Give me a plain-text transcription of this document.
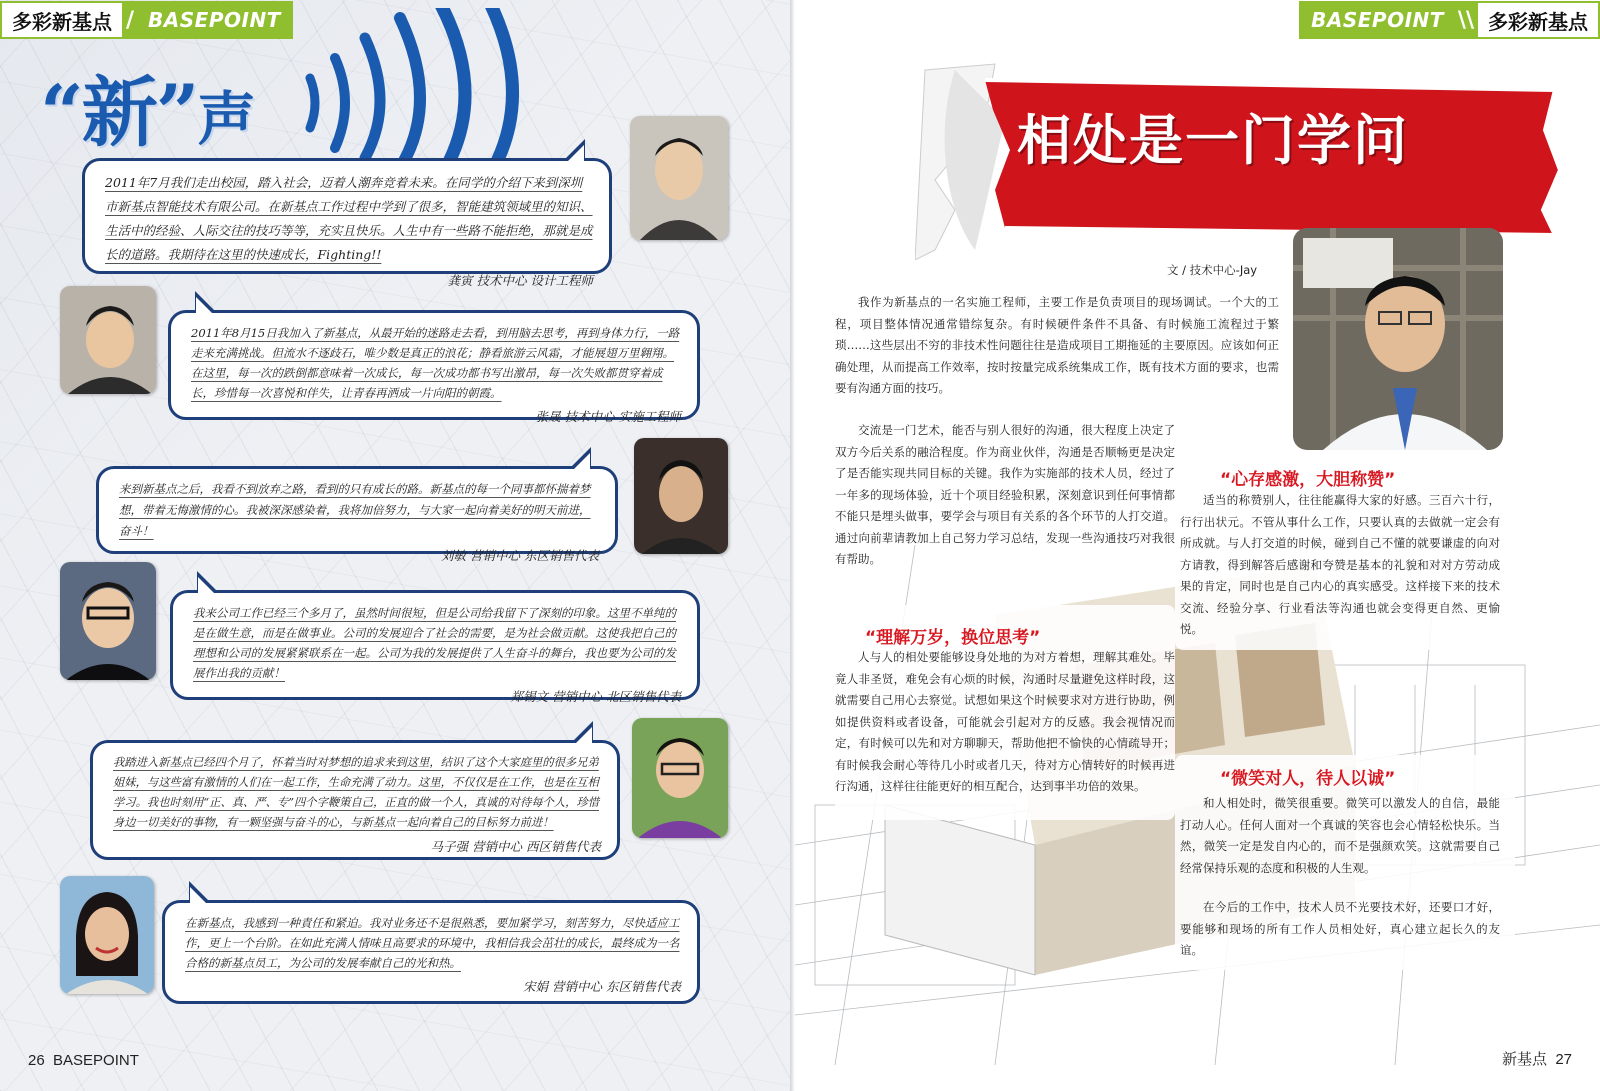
多彩新基点 / BASEPOINT
“新”声
2011年7月我们走出校园，踏入社会，迈着人潮奔竞着未来。在同学的介绍下来到深圳市新基点智能技术有限公司。在新基点工作过程中学到了很多，智能建筑领域里的知识、生活中的经验、人际交往的技巧等等，充实且快乐。人生中有一些路不能拒绝，那就是成长的道路。我期待在这里的快速成长，Fighting!!
龚寅 技术中心 设计工程师
2011年8月15日我加入了新基点，从最开始的迷路走去看，到用脑去思考，再到身体力行，一路走来充满挑战。但流水不逐歧石，唯少数是真正的浪花；静看旅游云风霜，才能展翅万里翱翔。在这里，每一次的跌倒都意味着一次成长，每一次成功都书写出激昂，每一次失败都贯穿着成长，珍惜每一次喜悦和伴失，让青春再洒成一片向阳的朝霞。
张晟 技术中心 实施工程师
来到新基点之后，我看不到放弃之路，看到的只有成长的路。新基点的每一个同事都怀揣着梦想，带着无悔激情的心。我被深深感染着，我将加倍努力，与大家一起向着美好的明天前进，奋斗！
刘敏 营销中心 东区销售代表
我来公司工作已经三个多月了，虽然时间很短，但是公司给我留下了深刻的印象。这里不单纯的是在做生意，而是在做事业。公司的发展迎合了社会的需要，是为社会做贡献。这使我把自己的理想和公司的发展紧紧联系在一起。公司为我的发展提供了人生奋斗的舞台，我也要为公司的发展作出我的贡献！
郑锡文 营销中心 北区销售代表
我踏进入新基点已经四个月了，怀着当时对梦想的追求来到这里，结识了这个大家庭里的很多兄弟姐妹，与这些富有激情的人们在一起工作，生命充满了动力。这里，不仅仅是在工作，也是在互相学习。我也时刻用“正、真、严、专”四个字鞭策自己，正直的做一个人，真诚的对待每个人，珍惜身边一切美好的事物，有一颗坚强与奋斗的心，与新基点一起向着自己的目标努力前进！
马子强 营销中心 西区销售代表
在新基点，我感到一种責任和紧迫。我对业务还不是很熟悉，要加紧学习，刻苦努力，尽快适应工作，更上一个台阶。在如此充满人情味且高要求的环境中，我相信我会茁壮的成长，最终成为一名合格的新基点员工，为公司的发展奉献自己的光和热。
宋娟 营销中心 东区销售代表
26 BASEPOINT
BASEPOINT \\ 多彩新基点
相处是一门学问
文 / 技术中心-Jay
我作为新基点的一名实施工程师，主要工作是负责项目的现场调试。一个大的工程，项目整体情况通常错综复杂。有时候硬件条件不具备、有时候施工流程过于繁琐……这些层出不穷的非技术性问题往往是造成项目工期拖延的主要原因。应该如何正确处理，从而提高工作效率，按时按量完成系统集成工作，既有技术方面的要求，也需要有沟通方面的技巧。
交流是一门艺术，能否与别人很好的沟通，很大程度上决定了双方今后关系的融洽程度。作为商业伙伴，沟通是否顺畅更是决定了是否能实现共同目标的关键。我作为实施部的技术人员，经过了一年多的现场体验，近十个项目经验积累，深刻意识到任何事情都不能只是埋头做事，要学会与项目有关系的各个环节的人打交道。通过向前辈请教加上自己努力学习总结，发现一些沟通技巧对我很有帮助。
“心存感激，大胆称赞”
适当的称赞别人，往往能赢得大家的好感。三百六十行，行行出状元。不管从事什么工作，只要认真的去做就一定会有所成就。与人打交道的时候，碰到自己不懂的就要谦虚的向对方请教，得到解答后感谢和夸赞是基本的礼貌和对对方劳动成果的肯定，同时也是自己内心的真实感受。这样接下来的技术交流、经验分享、行业看法等沟通也就会变得更自然、更愉悦。
“理解万岁，换位思考”
人与人的相处要能够设身处地的为对方着想，理解其难处。毕竟人非圣贤，难免会有心烦的时候，沟通时尽量避免这样时段，这就需要自己用心去察觉。试想如果这个时候要求对方进行协助，例如提供资料或者设备，可能就会引起对方的反感。我会视情况而定，有时候可以先和对方聊聊天，帮助他把不愉快的心情疏导开；有时候我会耐心等待几小时或者几天，待对方心情转好的时候再进行沟通，这样往往能更好的相互配合，达到事半功倍的效果。	“微笑对人，待人以诚”
和人相处时，微笑很重要。微笑可以激发人的自信，最能打动人心。任何人面对一个真诚的笑容也会心情轻松快乐。当然，微笑一定是发自内心的，而不是强颜欢笑。这就需要自己经常保持乐观的态度和积极的人生观。
在今后的工作中，技术人员不光要技术好，还要口才好，要能够和现场的所有工作人员相处好，真心建立起长久的友谊。
新基点 27
